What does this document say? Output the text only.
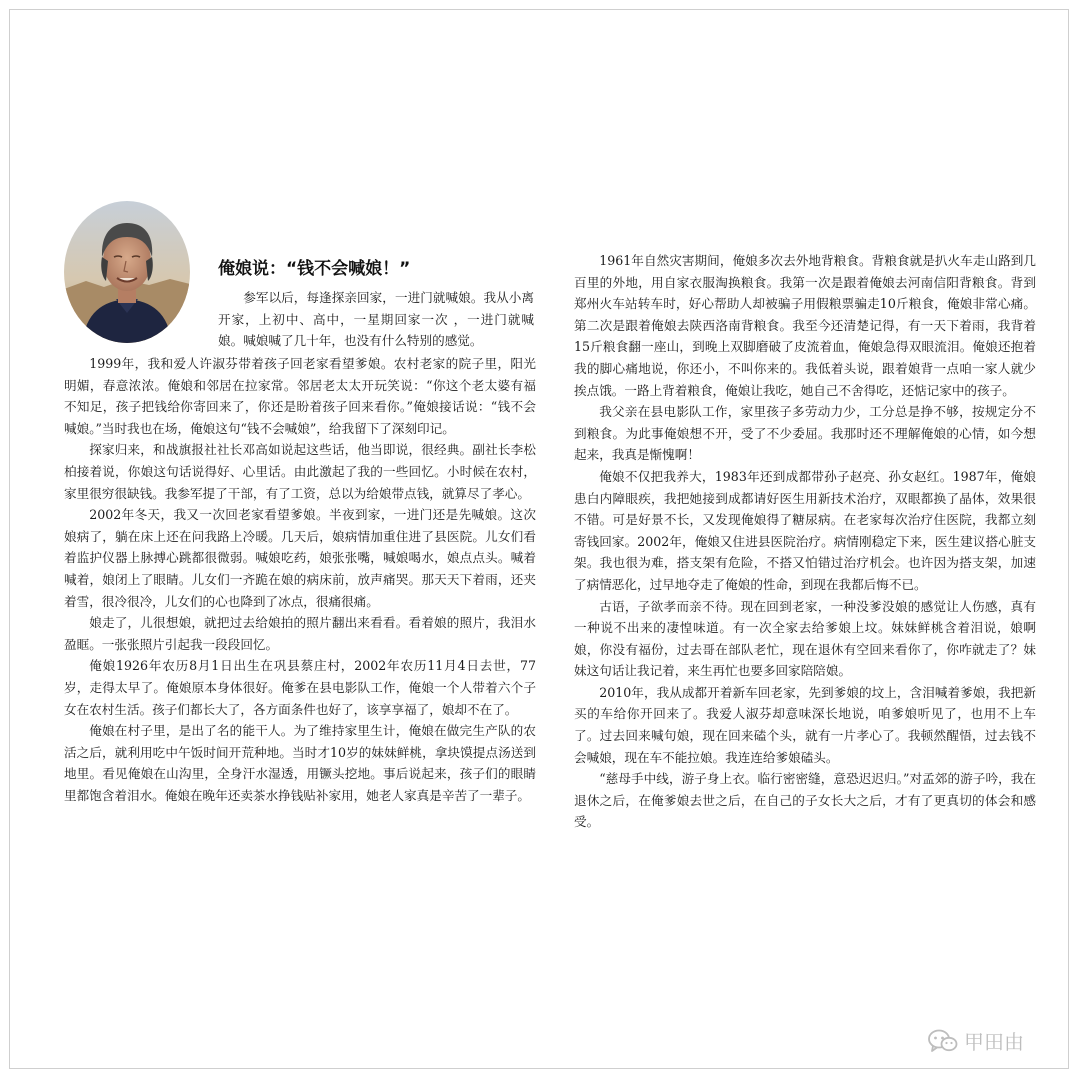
俺娘说：“钱不会喊娘！”

参军以后，每逢探亲回家，一进门就喊娘。我从小离开家，上初中、高中，一星期回家一次 ，一进门就喊娘。喊娘喊了几十年，也没有什么特别的感觉。

1999年，我和爱人许淑芬带着孩子回老家看望爹娘。农村老家的院子里，阳光明媚，春意浓浓。俺娘和邻居在拉家常。邻居老太太开玩笑说：“你这个老太婆有福不知足，孩子把钱给你寄回来了，你还是盼着孩子回来看你。”俺娘接话说：“钱不会喊娘。”当时我也在场，俺娘这句“钱不会喊娘”，给我留下了深刻印记。

探家归来，和战旗报社社长邓高如说起这些话，他当即说，很经典。副社长李松柏接着说，你娘这句话说得好、心里话。由此激起了我的一些回忆。小时候在农村，家里很穷很缺钱。我参军提了干部，有了工资，总以为给娘带点钱，就算尽了孝心。

2002年冬天，我又一次回老家看望爹娘。半夜到家，一进门还是先喊娘。这次娘病了，躺在床上还在问我路上冷暖。几天后，娘病情加重住进了县医院。儿女们看着监护仪器上脉搏心跳都很微弱。喊娘吃药，娘张张嘴，喊娘喝水，娘点点头。喊着喊着，娘闭上了眼睛。儿女们一齐跪在娘的病床前，放声痛哭。那天天下着雨，还夹着雪，很冷很冷，儿女们的心也降到了冰点，很痛很痛。

娘走了，儿很想娘，就把过去给娘拍的照片翻出来看看。看着娘的照片，我泪水盈眶。一张张照片引起我一段段回忆。

俺娘1926年农历8月1日出生在巩县蔡庄村，2002年农历11月4日去世，77岁，走得太早了。俺娘原本身体很好。俺爹在县电影队工作，俺娘一个人带着六个子女在农村生活。孩子们都长大了，各方面条件也好了，该享享福了，娘却不在了。

俺娘在村子里，是出了名的能干人。为了维持家里生计，俺娘在做完生产队的农活之后，就利用吃中午饭时间开荒种地。当时才10岁的妹妹鲜桃，拿块馍提点汤送到地里。看见俺娘在山沟里，全身汗水湿透，用镢头挖地。事后说起来，孩子们的眼睛里都饱含着泪水。俺娘在晚年还卖茶水挣钱贴补家用，她老人家真是辛苦了一辈子。

1961年自然灾害期间，俺娘多次去外地背粮食。背粮食就是扒火车走山路到几百里的外地，用自家衣服淘换粮食。我第一次是跟着俺娘去河南信阳背粮食。背到郑州火车站转车时，好心帮助人却被骗子用假粮票骗走10斤粮食，俺娘非常心痛。第二次是跟着俺娘去陕西洛南背粮食。我至今还清楚记得，有一天下着雨，我背着15斤粮食翻一座山，到晚上双脚磨破了皮流着血，俺娘急得双眼流泪。俺娘还抱着我的脚心痛地说，你还小，不叫你来的。我低着头说，跟着娘背一点咱一家人就少挨点饿。一路上背着粮食，俺娘让我吃，她自己不舍得吃，还惦记家中的孩子。

我父亲在县电影队工作，家里孩子多劳动力少，工分总是挣不够，按规定分不到粮食。为此事俺娘想不开，受了不少委屈。我那时还不理解俺娘的心情，如今想起来，我真是惭愧啊！

俺娘不仅把我养大，1983年还到成都带孙子赵亮、孙女赵红。1987年，俺娘患白内障眼疾，我把她接到成都请好医生用新技术治疗，双眼都换了晶体，效果很不错。可是好景不长，又发现俺娘得了糖尿病。在老家每次治疗住医院，我都立刻寄钱回家。2002年，俺娘又住进县医院治疗。病情刚稳定下来，医生建议搭心脏支架。我也很为难，搭支架有危险，不搭又怕错过治疗机会。也许因为搭支架，加速了病情恶化，过早地夺走了俺娘的性命，到现在我都后悔不已。

古语，子欲孝而亲不待。现在回到老家，一种没爹没娘的感觉让人伤感，真有一种说不出来的凄惶味道。有一次全家去给爹娘上坟。妹妹鲜桃含着泪说，娘啊娘，你没有福份，过去哥在部队老忙，现在退休有空回来看你了，你咋就走了？妹妹这句话让我记着，来生再忙也要多回家陪陪娘。

2010年，我从成都开着新车回老家，先到爹娘的坟上，含泪喊着爹娘，我把新买的车给你开回来了。我爱人淑芬却意味深长地说，咱爹娘听见了，也用不上车了。过去回来喊句娘，现在回来磕个头，就有一片孝心了。我顿然醒悟，过去钱不会喊娘，现在车不能拉娘。我连连给爹娘磕头。

“慈母手中线，游子身上衣。临行密密缝，意恐迟迟归。”对孟郊的游子吟，我在退休之后，在俺爹娘去世之后，在自己的子女长大之后，才有了更真切的体会和感受。

甲田由
